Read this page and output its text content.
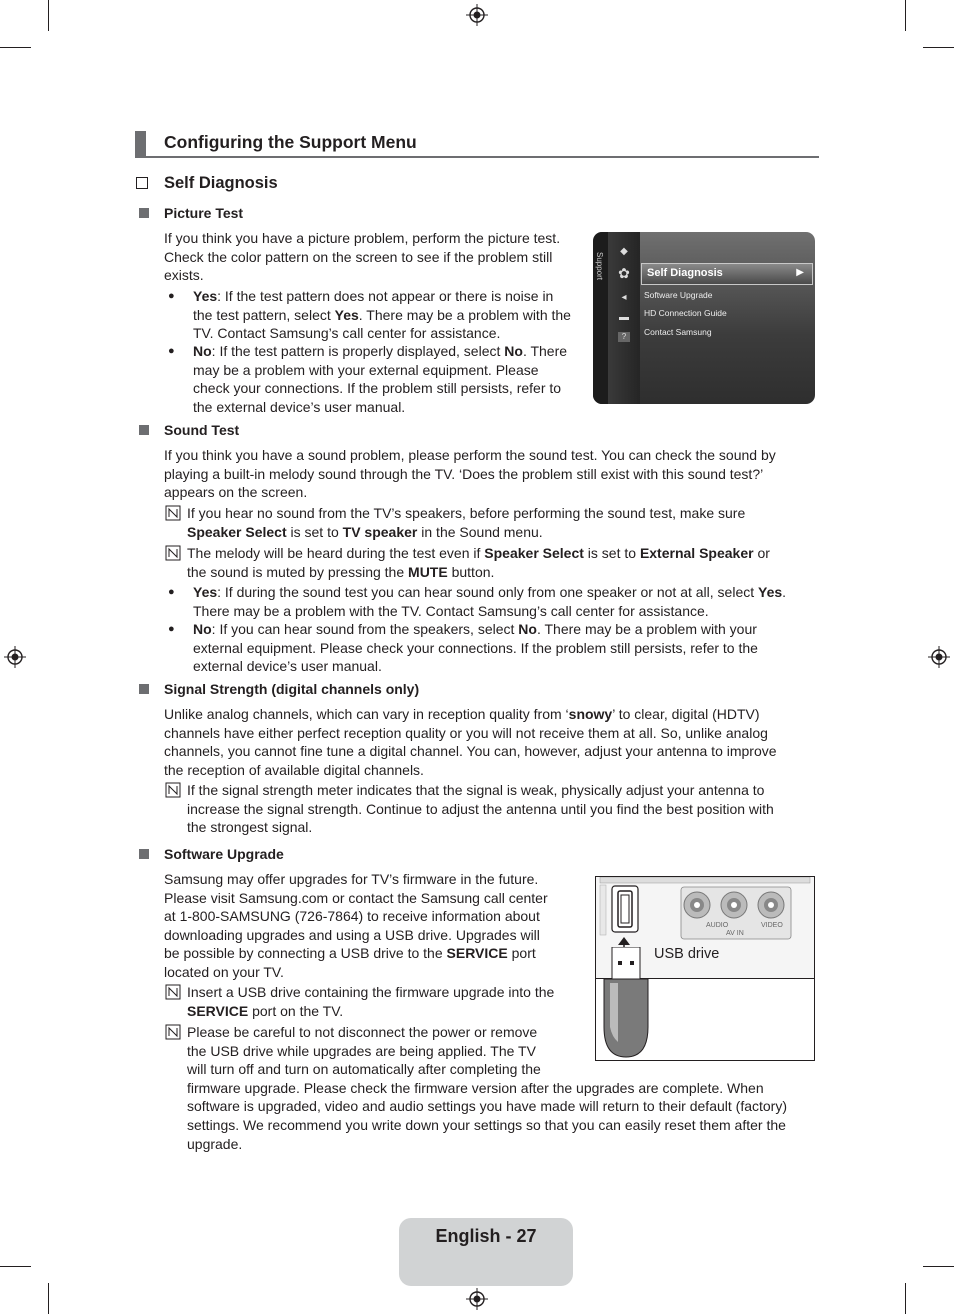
Configuring the Support Menu
Self Diagnosis
Picture Test
If you think you have a picture problem, perform the picture test.
Check the color pattern on the screen to see if the problem still
exists.
● Yes: If the test pattern does not appear or there is noise in
the test pattern, select Yes. There may be a problem with the
TV. Contact Samsung’s call center for assistance.
● No: If the test pattern is properly displayed, select No. There
may be a problem with your external equipment. Please
check your connections. If the problem still persists, refer to
the external device’s user manual.
Support
◆
✿
◂
▬
?
Self Diagnosis	▶
Software Upgrade
HD Connection Guide
Contact Samsung
Sound Test
If you think you have a sound problem, please perform the sound test. You can check the sound by
playing a built-in melody sound through the TV. ‘Does the problem still exist with this sound test?’
appears on the screen.
If you hear no sound from the TV’s speakers, before performing the sound test, make sure
Speaker Select is set to TV speaker in the Sound menu.
The melody will be heard during the test even if Speaker Select is set to External Speaker or
the sound is muted by pressing the MUTE button.
● Yes: If during the sound test you can hear sound only from one speaker or not at all, select Yes.
There may be a problem with the TV. Contact Samsung’s call center for assistance.
● No: If you can hear sound from the speakers, select No. There may be a problem with your
external equipment. Please check your connections. If the problem still persists, refer to the
external device’s user manual.
Signal Strength (digital channels only)
Unlike analog channels, which can vary in reception quality from ‘snowy’ to clear, digital (HDTV)
channels have either perfect reception quality or you will not receive them at all. So, unlike analog
channels, you cannot fine tune a digital channel. You can, however, adjust your antenna to improve
the reception of available digital channels.
If the signal strength meter indicates that the signal is weak, physically adjust your antenna to
increase the signal strength. Continue to adjust the antenna until you find the best position with
the strongest signal.
Software Upgrade
Samsung may offer upgrades for TV’s firmware in the future.
Please visit Samsung.com or contact the Samsung call center
at 1-800-SAMSUNG (726-7864) to receive information about
downloading upgrades and using a USB drive. Upgrades will
be possible by connecting a USB drive to the SERVICE port
located on your TV.
Insert a USB drive containing the firmware upgrade into the
SERVICE port on the TV.
Please be careful to not disconnect the power or remove
the USB drive while upgrades are being applied. The TV
will turn off and turn on automatically after completing the
firmware upgrade. Please check the firmware version after the upgrades are complete. When
software is upgraded, video and audio settings you have made will return to their default (factory)
settings. We recommend you write down your settings so that you can easily reset them after the
upgrade.
AUDIO	VIDEO
AV IN
USB drive
English - 27
